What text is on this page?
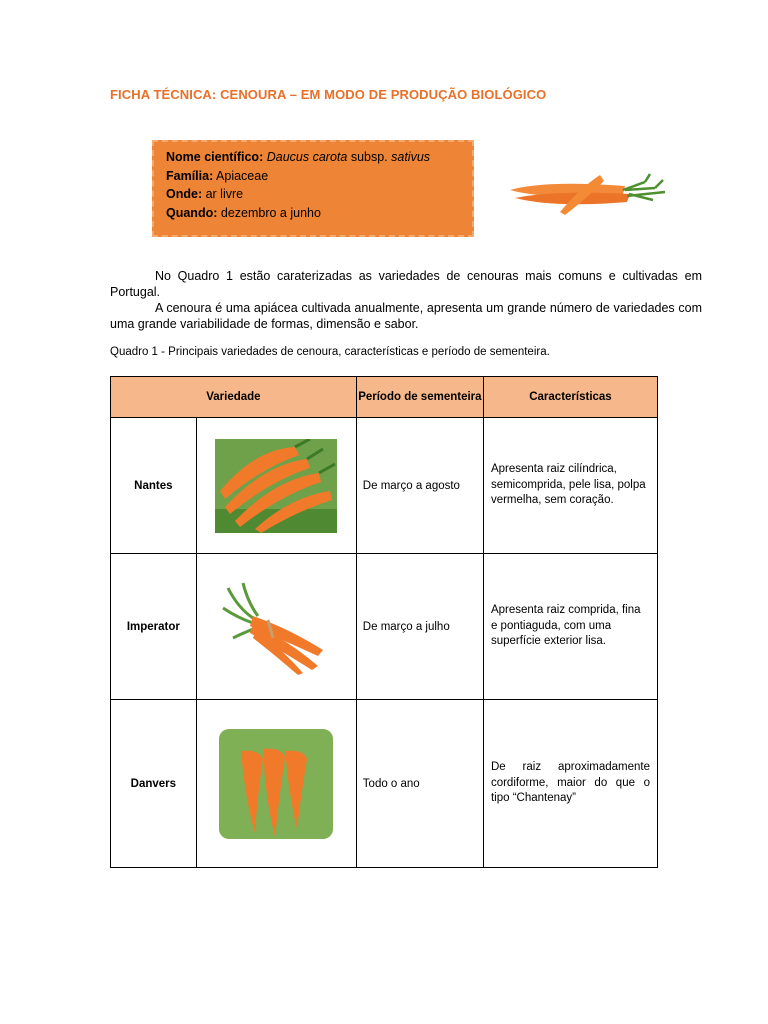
FICHA TÉCNICA: CENOURA – EM MODO DE PRODUÇÃO BIOLÓGICO
Nome científico: Daucus carota subsp. sativus
Família: Apiaceae
Onde: ar livre
Quando: dezembro a junho
No Quadro 1 estão caraterizadas as variedades de cenouras mais comuns e cultivadas em Portugal.
A cenoura é uma apiácea cultivada anualmente, apresenta um grande número de variedades com uma grande variabilidade de formas, dimensão e sabor.
Quadro 1 - Principais variedades de cenoura, características e período de sementeira.
Variedade		Período de sementeira	Características
Nantes		De março a agosto	Apresenta raiz cilíndrica, semicomprida, pele lisa, polpa vermelha, sem coração.
Imperator		De março a julho	Apresenta raiz comprida, fina e pontiaguda, com uma superfície exterior lisa.
Danvers		Todo o ano	De raiz aproximadamente cordiforme, maior do que o tipo “Chantenay”
